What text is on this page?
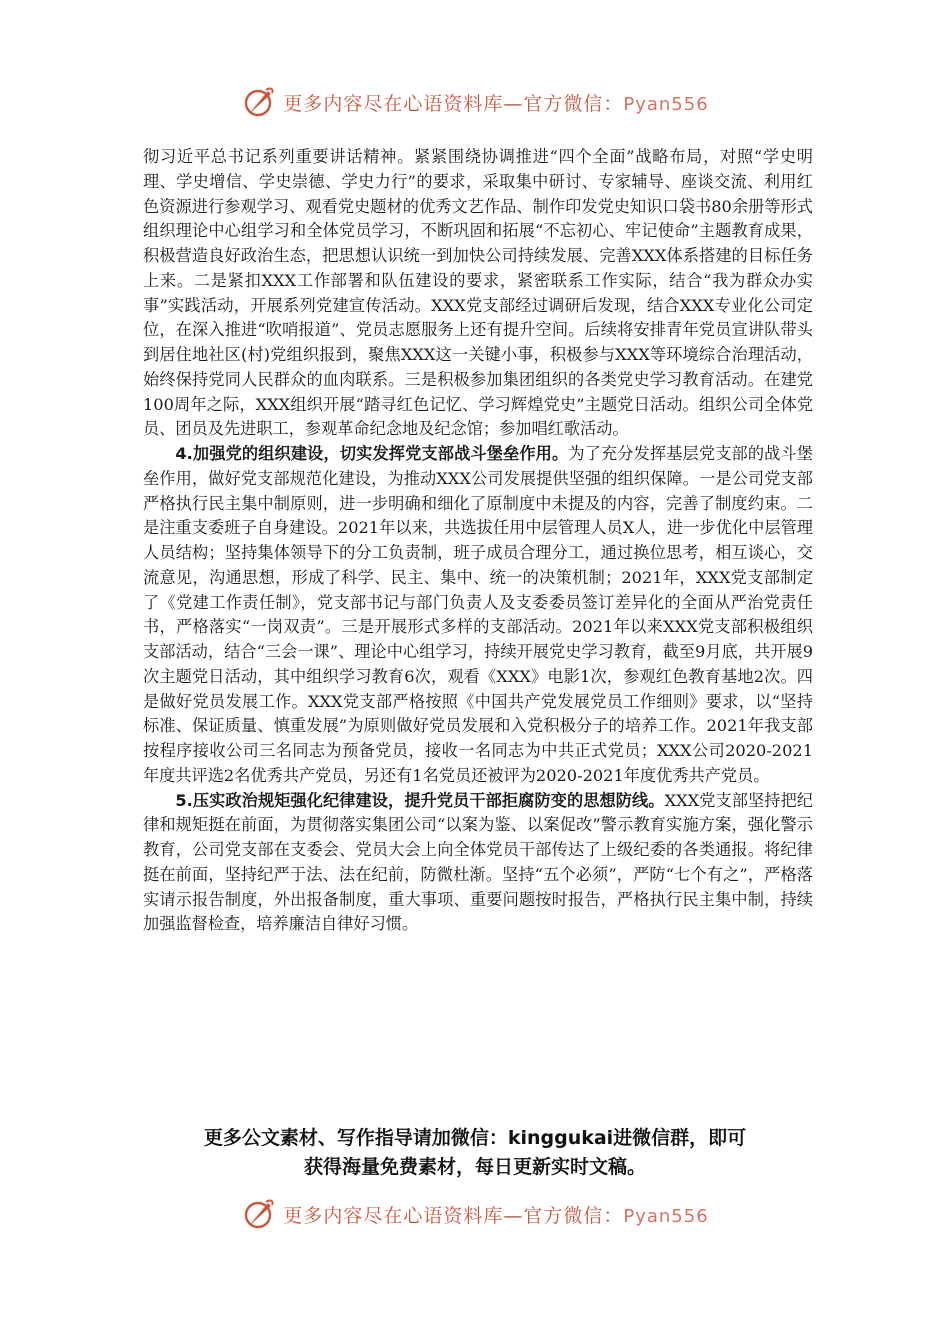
更多内容尽在心语资料库—官方微信：Pyan556

彻习近平总书记系列重要讲话精神。紧紧围绕协调推进“四个全面”战略布局，对照“学史明理、学史增信、学史崇德、学史力行”的要求，采取集中研讨、专家辅导、座谈交流、利用红色资源进行参观学习、观看党史题材的优秀文艺作品、制作印发党史知识口袋书80余册等形式组织理论中心组学习和全体党员学习，不断巩固和拓展“不忘初心、牢记使命”主题教育成果，积极营造良好政治生态，把思想认识统一到加快公司持续发展、完善XXX体系搭建的目标任务上来。二是紧扣XXX工作部署和队伍建设的要求，紧密联系工作实际，结合“我为群众办实事”实践活动，开展系列党建宣传活动。XXX党支部经过调研后发现，结合XXX专业化公司定位，在深入推进“吹哨报道”、党员志愿服务上还有提升空间。后续将安排青年党员宣讲队带头到居住地社区(村)党组织报到，聚焦XXX这一关键小事，积极参与XXX等环境综合治理活动，始终保持党同人民群众的血肉联系。三是积极参加集团组织的各类党史学习教育活动。在建党100周年之际，XXX组织开展“踏寻红色记忆、学习辉煌党史”主题党日活动。组织公司全体党员、团员及先进职工，参观革命纪念地及纪念馆；参加唱红歌活动。

4.加强党的组织建设，切实发挥党支部战斗堡垒作用。为了充分发挥基层党支部的战斗堡垒作用，做好党支部规范化建设，为推动XXX公司发展提供坚强的组织保障。一是公司党支部严格执行民主集中制原则，进一步明确和细化了原制度中未提及的内容，完善了制度约束。二是注重支委班子自身建设。2021年以来，共选拔任用中层管理人员X人，进一步优化中层管理人员结构；坚持集体领导下的分工负责制，班子成员合理分工，通过换位思考，相互谈心，交流意见，沟通思想，形成了科学、民主、集中、统一的决策机制；2021年，XXX党支部制定了《党建工作责任制》，党支部书记与部门负责人及支委委员签订差异化的全面从严治党责任书，严格落实“一岗双责”。三是开展形式多样的支部活动。2021年以来XXX党支部积极组织支部活动，结合“三会一课”、理论中心组学习，持续开展党史学习教育，截至9月底，共开展9次主题党日活动，其中组织学习教育6次，观看《XXX》电影1次，参观红色教育基地2次。四是做好党员发展工作。XXX党支部严格按照《中国共产党发展党员工作细则》要求，以“坚持标准、保证质量、慎重发展”为原则做好党员发展和入党积极分子的培养工作。2021年我支部按程序接收公司三名同志为预备党员，接收一名同志为中共正式党员；XXX公司2020-2021年度共评选2名优秀共产党员，另还有1名党员还被评为2020-2021年度优秀共产党员。

5.压实政治规矩强化纪律建设，提升党员干部拒腐防变的思想防线。XXX党支部坚持把纪律和规矩挺在前面，为贯彻落实集团公司“以案为鉴、以案促改”警示教育实施方案，强化警示教育，公司党支部在支委会、党员大会上向全体党员干部传达了上级纪委的各类通报。将纪律挺在前面，坚持纪严于法、法在纪前，防微杜渐。坚持“五个必须”，严防“七个有之”，严格落实请示报告制度，外出报备制度，重大事项、重要问题按时报告，严格执行民主集中制，持续加强监督检查，培养廉洁自律好习惯。

更多公文素材、写作指导请加微信：kinggukai进微信群，即可
获得海量免费素材，每日更新实时文稿。
更多内容尽在心语资料库—官方微信：Pyan556
